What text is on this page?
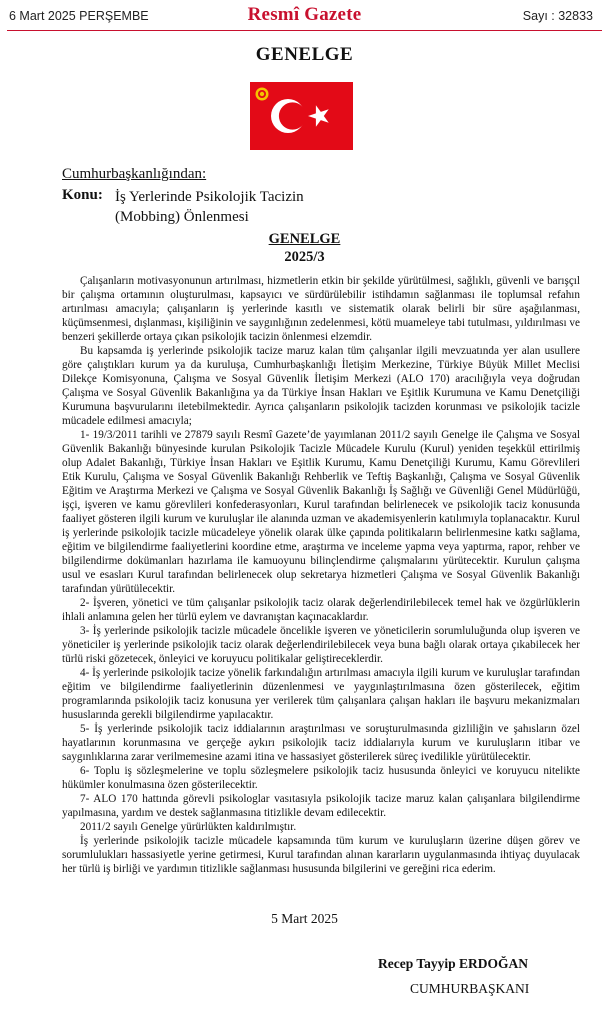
6 Mart 2025 PERŞEMBE	Resmî Gazete	Sayı : 32833
GENELGE
Cumhurbaşkanlığından:
Konu: İş Yerlerinde Psikolojik Tacizin
(Mobbing) Önlenmesi
GENELGE
2025/3

Çalışanların motivasyonunun artırılması, hizmetlerin etkin bir şekilde yürütülmesi, sağlıklı, güvenli ve barışçıl bir çalışma ortamının oluşturulması, kapsayıcı ve sürdürülebilir istihdamın sağlanması ile toplumsal refahın artırılması amacıyla; çalışanların iş yerlerinde kasıtlı ve sistematik olarak belirli bir süre aşağılanması, küçümsenmesi, dışlanması, kişiliğinin ve saygınlığının zedelenmesi, kötü muameleye tabi tutulması, yıldırılması ve benzeri şekillerde ortaya çıkan psikolojik tacizin önlenmesi elzemdir.

Bu kapsamda iş yerlerinde psikolojik tacize maruz kalan tüm çalışanlar ilgili mevzuatında yer alan usullere göre çalıştıkları kurum ya da kuruluşa, Cumhurbaşkanlığı İletişim Merkezine, Türkiye Büyük Millet Meclisi Dilekçe Komisyonuna, Çalışma ve Sosyal Güvenlik İletişim Merkezi (ALO 170) aracılığıyla veya doğrudan Çalışma ve Sosyal Güvenlik Bakanlığına ya da Türkiye İnsan Hakları ve Eşitlik Kurumuna ve Kamu Denetçiliği Kurumuna başvurularını iletebilmektedir. Ayrıca çalışanların psikolojik tacizden korunması ve psikolojik tacizle mücadele edilmesi amacıyla;

1- 19/3/2011 tarihli ve 27879 sayılı Resmî Gazete’de yayımlanan 2011/2 sayılı Genelge ile Çalışma ve Sosyal Güvenlik Bakanlığı bünyesinde kurulan Psikolojik Tacizle Mücadele Kurulu (Kurul) yeniden teşekkül ettirilmiş olup Adalet Bakanlığı, Türkiye İnsan Hakları ve Eşitlik Kurumu, Kamu Denetçiliği Kurumu, Kamu Görevlileri Etik Kurulu, Çalışma ve Sosyal Güvenlik Bakanlığı Rehberlik ve Teftiş Başkanlığı, Çalışma ve Sosyal Güvenlik Eğitim ve Araştırma Merkezi ve Çalışma ve Sosyal Güvenlik Bakanlığı İş Sağlığı ve Güvenliği Genel Müdürlüğü, işçi, işveren ve kamu görevlileri konfederasyonları, Kurul tarafından belirlenecek ve psikolojik taciz konusunda faaliyet gösteren ilgili kurum ve kuruluşlar ile alanında uzman ve akademisyenlerin katılımıyla toplanacaktır. Kurul iş yerlerinde psikolojik tacizle mücadeleye yönelik olarak ülke çapında politikaların belirlenmesine katkı sağlama, eğitim ve bilgilendirme faaliyetlerini koordine etme, araştırma ve inceleme yapma veya yaptırma, rapor, rehber ve bilgilendirme dokümanları hazırlama ile kamuoyunu bilinçlendirme çalışmalarını yürütecektir. Kurulun çalışma usul ve esasları Kurul tarafından belirlenecek olup sekretarya hizmetleri Çalışma ve Sosyal Güvenlik Bakanlığı tarafından yürütülecektir.

2- İşveren, yönetici ve tüm çalışanlar psikolojik taciz olarak değerlendirilebilecek temel hak ve özgürlüklerin ihlali anlamına gelen her türlü eylem ve davranıştan kaçınacaklardır.

3- İş yerlerinde psikolojik tacizle mücadele öncelikle işveren ve yöneticilerin sorumluluğunda olup işveren ve yöneticiler iş yerlerinde psikolojik taciz olarak değerlendirilebilecek veya buna bağlı olarak ortaya çıkabilecek her türlü riski gözetecek, önleyici ve koruyucu politikalar geliştireceklerdir.

4- İş yerlerinde psikolojik tacize yönelik farkındalığın artırılması amacıyla ilgili kurum ve kuruluşlar tarafından eğitim ve bilgilendirme faaliyetlerinin düzenlenmesi ve yaygınlaştırılmasına özen gösterilecek, eğitim programlarında psikolojik taciz konusuna yer verilerek tüm çalışanlara çalışan hakları ile başvuru mekanizmaları hususlarında gerekli bilgilendirme yapılacaktır.

5- İş yerlerinde psikolojik taciz iddialarının araştırılması ve soruşturulmasında gizliliğin ve şahısların özel hayatlarının korunmasına ve gerçeğe aykırı psikolojik taciz iddialarıyla kurum ve kuruluşların itibar ve saygınlıklarına zarar verilmemesine azami itina ve hassasiyet gösterilerek süreç ivedilikle yürütülecektir.

6- Toplu iş sözleşmelerine ve toplu sözleşmelere psikolojik taciz hususunda önleyici ve koruyucu nitelikte hükümler konulmasına özen gösterilecektir.

7- ALO 170 hattında görevli psikologlar vasıtasıyla psikolojik tacize maruz kalan çalışanlara bilgilendirme yapılmasına, yardım ve destek sağlanmasına titizlikle devam edilecektir.

2011/2 sayılı Genelge yürürlükten kaldırılmıştır.

İş yerlerinde psikolojik tacizle mücadele kapsamında tüm kurum ve kuruluşların üzerine düşen görev ve sorumlulukları hassasiyetle yerine getirmesi, Kurul tarafından alınan kararların uygulanmasında ihtiyaç duyulacak her türlü iş birliği ve yardımın titizlikle sağlanması hususunda bilgilerini ve gereğini rica ederim.

5 Mart 2025
Recep Tayyip ERDOĞAN
CUMHURBAŞKANI
